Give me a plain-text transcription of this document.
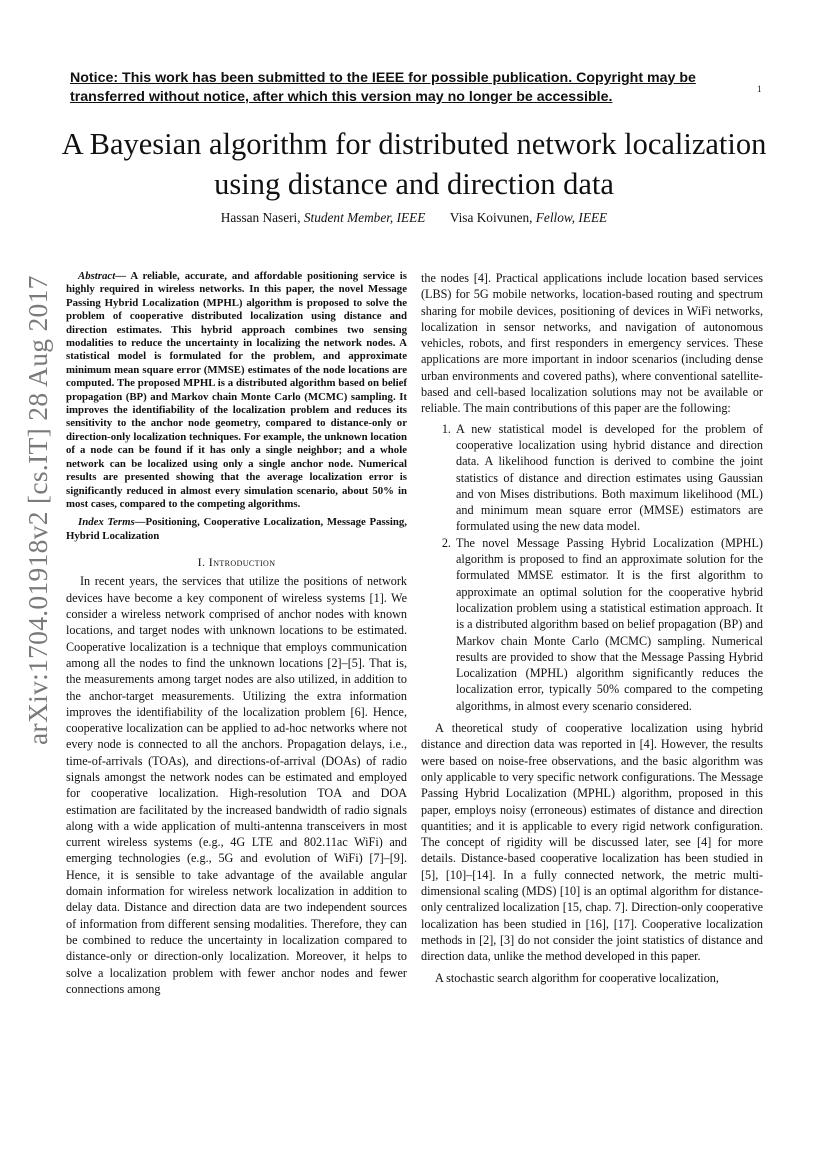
Notice: This work has been submitted to the IEEE for possible publication. Copyright may be transferred without notice, after which this version may no longer be accessible.	1
A Bayesian algorithm for distributed network localization using distance and direction data
Hassan Naseri, Student Member, IEEE Visa Koivunen, Fellow, IEEE
arXiv:1704.01918v2 [cs.IT] 28 Aug 2017	Abstract— A reliable, accurate, and affordable positioning service is highly required in wireless networks. In this paper, the novel Message Passing Hybrid Localization (MPHL) algorithm is proposed to solve the problem of cooperative distributed localization using distance and direction estimates. This hybrid approach combines two sensing modalities to reduce the uncertainty in localizing the network nodes. A statistical model is formulated for the problem, and approximate minimum mean square error (MMSE) estimates of the node locations are computed. The proposed MPHL is a distributed algorithm based on belief propagation (BP) and Markov chain Monte Carlo (MCMC) sampling. It improves the identifiability of the localization problem and reduces its sensitivity to the anchor node geometry, compared to distance-only or direction-only localization techniques. For example, the unknown location of a node can be found if it has only a single neighbor; and a whole network can be localized using only a single anchor node. Numerical results are presented showing that the average localization error is significantly reduced in almost every simulation scenario, about 50% in most cases, compared to the competing algorithms.

Index Terms—Positioning, Cooperative Localization, Message Passing, Hybrid Localization

I. Introduction

In recent years, the services that utilize the positions of network devices have become a key component of wireless systems [1]. We consider a wireless network comprised of anchor nodes with known locations, and target nodes with unknown locations to be estimated. Cooperative localization is a technique that employs communication among all the nodes to find the unknown locations [2]–[5]. That is, the measurements among target nodes are also utilized, in addition to the anchor-target measurements. Utilizing the extra information improves the identifiability of the localization problem [6]. Hence, cooperative localization can be applied to ad-hoc networks where not every node is connected to all the anchors. Propagation delays, i.e., time-of-arrivals (TOAs), and directions-of-arrival (DOAs) of radio signals amongst the network nodes can be estimated and employed for cooperative localization. High-resolution TOA and DOA estimation are facilitated by the increased bandwidth of radio signals along with a wide application of multi-antenna transceivers in most current wireless systems (e.g., 4G LTE and 802.11ac WiFi) and emerging technologies (e.g., 5G and evolution of WiFi) [7]–[9]. Hence, it is sensible to take advantage of the available angular domain information for wireless network localization in addition to delay data. Distance and direction data are two independent sources of information from different sensing modalities. Therefore, they can be combined to reduce the uncertainty in localization compared to distance-only or direction-only localization. Moreover, it helps to solve a localization problem with fewer anchor nodes and fewer connections among

the nodes [4]. Practical applications include location based services (LBS) for 5G mobile networks, location-based routing and spectrum sharing for mobile devices, positioning of devices in WiFi networks, localization in sensor networks, and navigation of autonomous vehicles, robots, and first responders in emergency services. These applications are more important in indoor scenarios (including dense urban environments and covered paths), where conventional satellite-based and cell-based localization solutions may not be available or reliable. The main contributions of this paper are the following:

1. A new statistical model is developed for the problem of cooperative localization using hybrid distance and direction data. A likelihood function is derived to combine the joint statistics of distance and direction estimates using Gaussian and von Mises distributions. Both maximum likelihood (ML) and minimum mean square error (MMSE) estimators are formulated using the new data model.
2. The novel Message Passing Hybrid Localization (MPHL) algorithm is proposed to find an approximate solution for the formulated MMSE estimator. It is the first algorithm to approximate an optimal solution for the cooperative hybrid localization problem using a statistical estimation approach. It is a distributed algorithm based on belief propagation (BP) and Markov chain Monte Carlo (MCMC) sampling. Numerical results are provided to show that the Message Passing Hybrid Localization (MPHL) algorithm significantly reduces the localization error, typically 50% compared to the competing algorithms, in almost every scenario considered.

A theoretical study of cooperative localization using hybrid distance and direction data was reported in [4]. However, the results were based on noise-free observations, and the basic algorithm was only applicable to very specific network configurations. The Message Passing Hybrid Localization (MPHL) algorithm, proposed in this paper, employs noisy (erroneous) estimates of distance and direction quantities; and it is applicable to every rigid network configuration. The concept of rigidity will be discussed later, see [4] for more details. Distance-based cooperative localization has been studied in [5], [10]–[14]. In a fully connected network, the metric multi-dimensional scaling (MDS) [10] is an optimal algorithm for distance-only centralized localization [15, chap. 7]. Direction-only cooperative localization has been studied in [16], [17]. Cooperative localization methods in [2], [3] do not consider the joint statistics of distance and direction data, unlike the method developed in this paper.

A stochastic search algorithm for cooperative localization,
